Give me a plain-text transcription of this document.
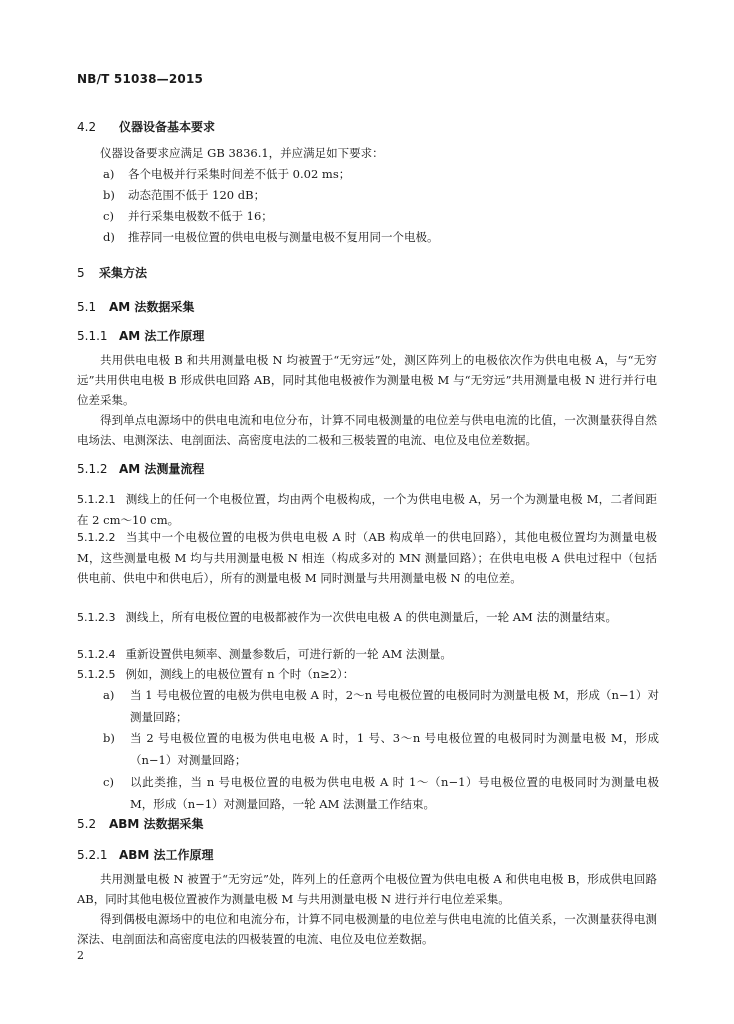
NB/T 51038—2015
4.2 仪器设备基本要求
仪器设备要求应满足 GB 3836.1，并应满足如下要求：
a)	各个电极并行采集时间差不低于 0.02 ms；
b)	动态范围不低于 120 dB；
c)	并行采集电极数不低于 16；
d)	推荐同一电极位置的供电电极与测量电极不复用同一个电极。
5 采集方法
5.1 AM 法数据采集
5.1.1 AM 法工作原理
共用供电电极 B 和共用测量电极 N 均被置于“无穷远”处，测区阵列上的电极依次作为供电电极 A，与“无穷远”共用供电电极 B 形成供电回路 AB，同时其他电极被作为测量电极 M 与“无穷远”共用测量电极 N 进行并行电位差采集。
得到单点电源场中的供电电流和电位分布，计算不同电极测量的电位差与供电电流的比值，一次测量获得自然电场法、电测深法、电剖面法、高密度电法的二极和三极装置的电流、电位及电位差数据。
5.1.2 AM 法测量流程
5.1.2.1 测线上的任何一个电极位置，均由两个电极构成，一个为供电电极 A，另一个为测量电极 M，二者间距在 2 cm～10 cm。
5.1.2.2 当其中一个电极位置的电极为供电电极 A 时（AB 构成单一的供电回路），其他电极位置均为测量电极 M，这些测量电极 M 均与共用测量电极 N 相连（构成多对的 MN 测量回路）；在供电电极 A 供电过程中（包括供电前、供电中和供电后），所有的测量电极 M 同时测量与共用测量电极 N 的电位差。
5.1.2.3 测线上，所有电极位置的电极都被作为一次供电电极 A 的供电测量后，一轮 AM 法的测量结束。
5.1.2.4 重新设置供电频率、测量参数后，可进行新的一轮 AM 法测量。
5.1.2.5 例如，测线上的电极位置有 n 个时（n≥2）：
a)	当 1 号电极位置的电极为供电电极 A 时，2～n 号电极位置的电极同时为测量电极 M，形成（n−1）对测量回路；
b)	当 2 号电极位置的电极为供电电极 A 时，1 号、3～n 号电极位置的电极同时为测量电极 M，形成（n−1）对测量回路；
c)	以此类推，当 n 号电极位置的电极为供电电极 A 时 1～（n−1）号电极位置的电极同时为测量电极 M，形成（n−1）对测量回路，一轮 AM 法测量工作结束。
5.2 ABM 法数据采集
5.2.1 ABM 法工作原理
共用测量电极 N 被置于“无穷远”处，阵列上的任意两个电极位置为供电电极 A 和供电电极 B，形成供电回路 AB，同时其他电极位置被作为测量电极 M 与共用测量电极 N 进行并行电位差采集。
得到偶极电源场中的电位和电流分布，计算不同电极测量的电位差与供电电流的比值关系，一次测量获得电测深法、电剖面法和高密度电法的四极装置的电流、电位及电位差数据。
2
